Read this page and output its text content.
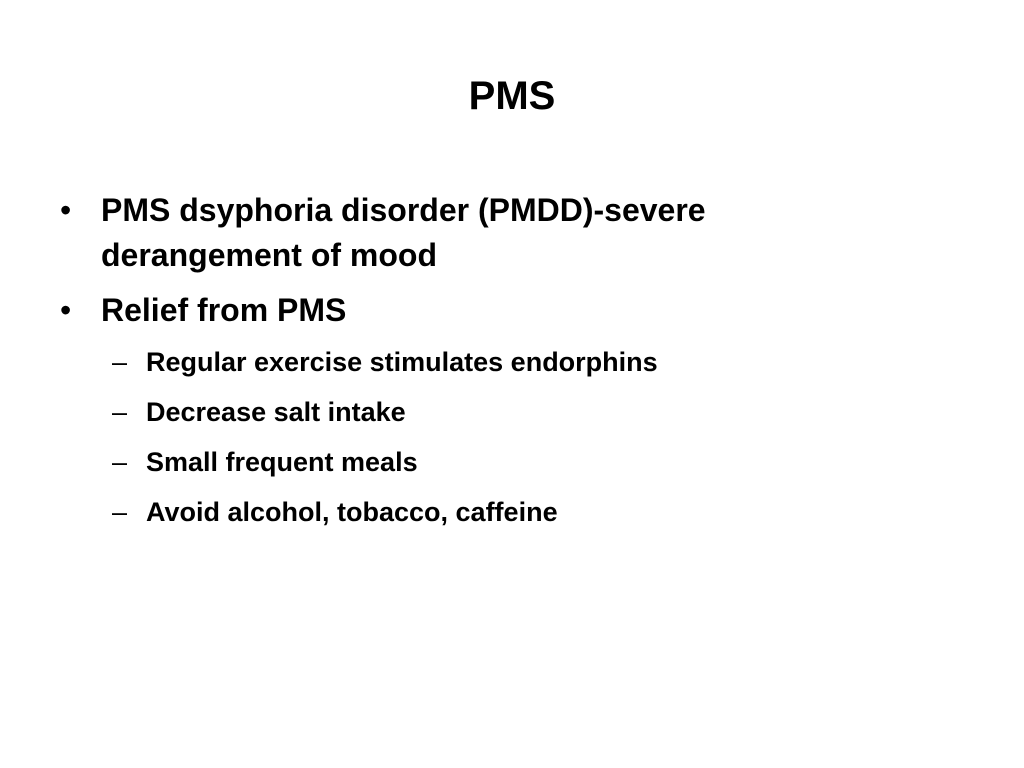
PMS
• PMS dsyphoria disorder (PMDD)-severe derangement of mood
• Relief from PMS
– Regular exercise stimulates endorphins
– Decrease salt intake
– Small frequent meals
– Avoid alcohol, tobacco, caffeine
